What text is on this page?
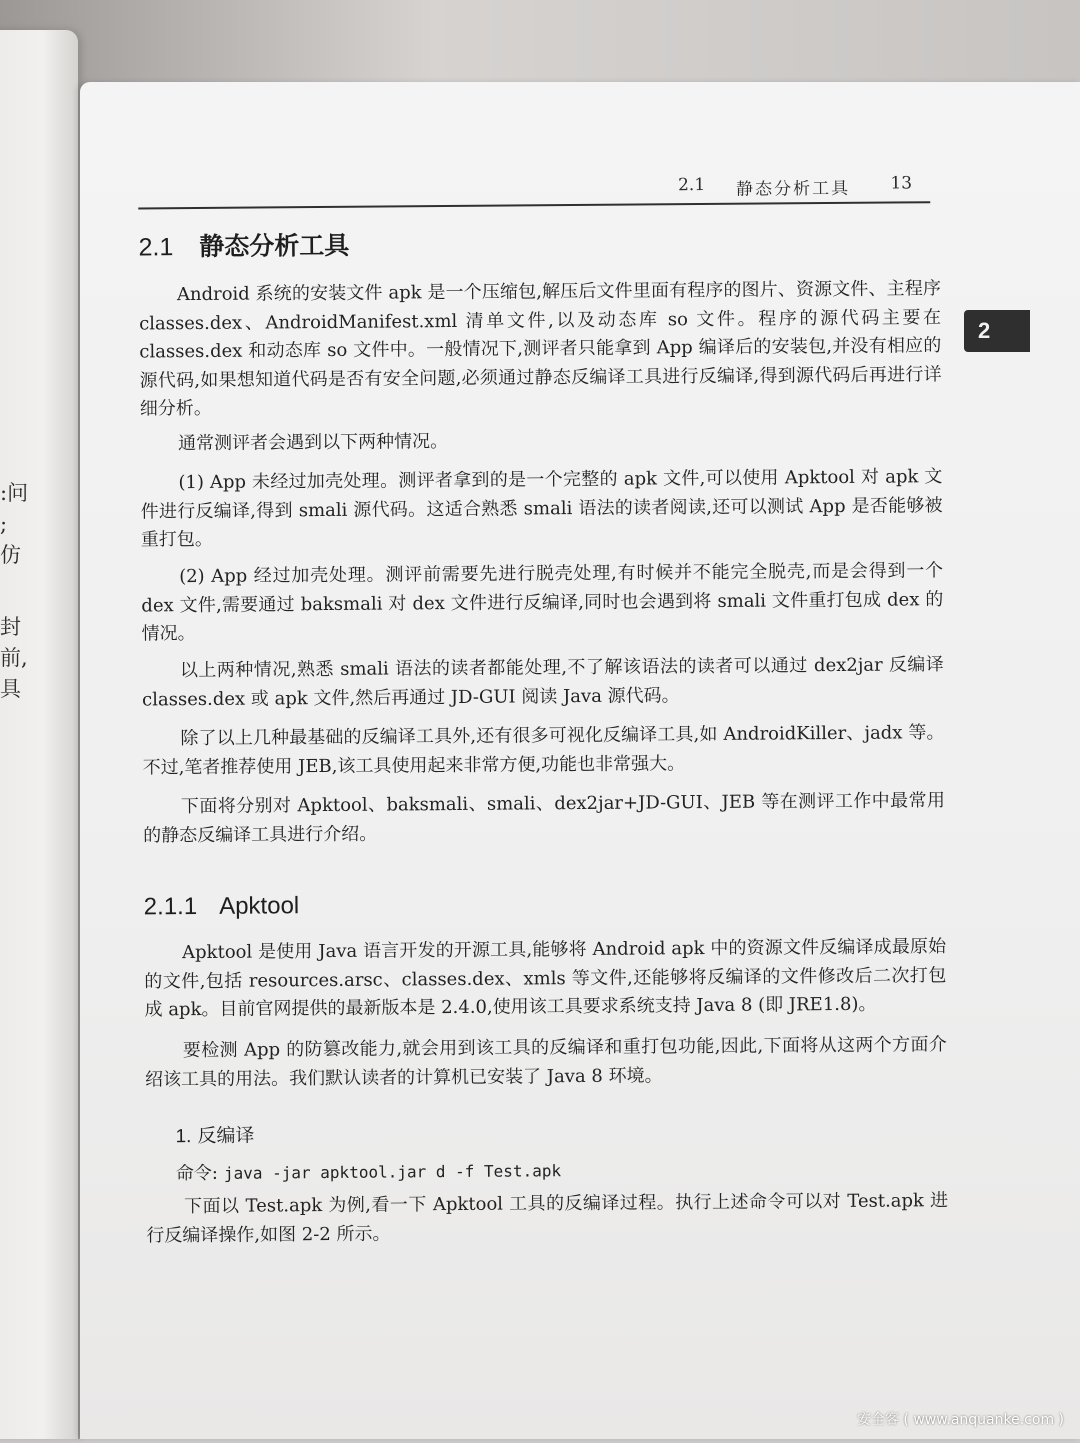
:问
;
仿
封
前,
具
2.1 静态分析工具 13
2.1 静态分析工具
Android 系统的安装文件 apk 是一个压缩包,解压后文件里面有程序的图片、资源文件、主程序 classes.dex、AndroidManifest.xml 清单文件,以及动态库 so 文件。程序的源代码主要在 classes.dex 和动态库 so 文件中。一般情况下,测评者只能拿到 App 编译后的安装包,并没有相应的源代码,如果想知道代码是否有安全问题,必须通过静态反编译工具进行反编译,得到源代码后再进行详细分析。
通常测评者会遇到以下两种情况。
(1) App 未经过加壳处理。测评者拿到的是一个完整的 apk 文件,可以使用 Apktool 对 apk 文件进行反编译,得到 smali 源代码。这适合熟悉 smali 语法的读者阅读,还可以测试 App 是否能够被重打包。
(2) App 经过加壳处理。测评前需要先进行脱壳处理,有时候并不能完全脱壳,而是会得到一个 dex 文件,需要通过 baksmali 对 dex 文件进行反编译,同时也会遇到将 smali 文件重打包成 dex 的情况。
以上两种情况,熟悉 smali 语法的读者都能处理,不了解该语法的读者可以通过 dex2jar 反编译 classes.dex 或 apk 文件,然后再通过 JD-GUI 阅读 Java 源代码。
除了以上几种最基础的反编译工具外,还有很多可视化反编译工具,如 AndroidKiller、jadx 等。不过,笔者推荐使用 JEB,该工具使用起来非常方便,功能也非常强大。
下面将分别对 Apktool、baksmali、smali、dex2jar+JD-GUI、JEB 等在测评工作中最常用的静态反编译工具进行介绍。
2.1.1 Apktool
Apktool 是使用 Java 语言开发的开源工具,能够将 Android apk 中的资源文件反编译成最原始的文件,包括 resources.arsc、classes.dex、xmls 等文件,还能够将反编译的文件修改后二次打包成 apk。目前官网提供的最新版本是 2.4.0,使用该工具要求系统支持 Java 8 (即 JRE1.8)。
要检测 App 的防篡改能力,就会用到该工具的反编译和重打包功能,因此,下面将从这两个方面介绍该工具的用法。我们默认读者的计算机已安装了 Java 8 环境。
1. 反编译
命令: java -jar apktool.jar d -f Test.apk
下面以 Test.apk 为例,看一下 Apktool 工具的反编译过程。执行上述命令可以对 Test.apk 进行反编译操作,如图 2-2 所示。
2
安全客 ( www.anquanke.com )
